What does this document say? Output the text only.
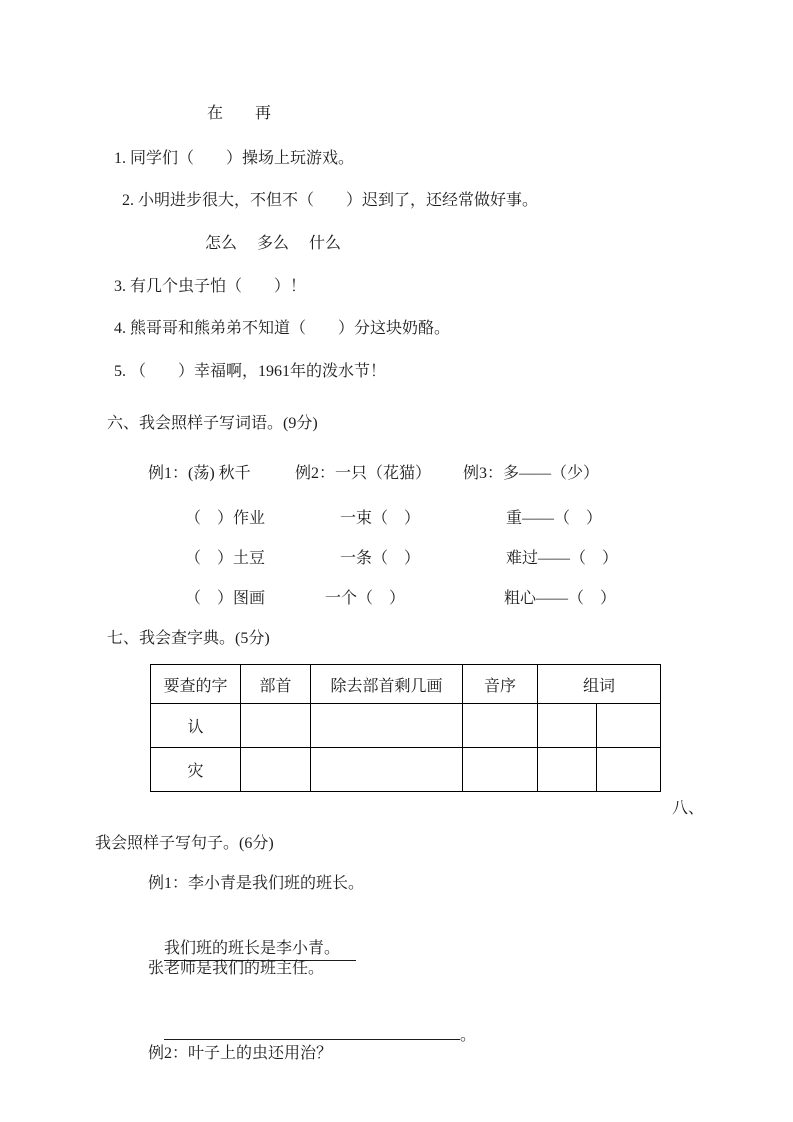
在　　再
1. 同学们（　　）操场上玩游戏。
2. 小明进步很大，不但不（　　）迟到了，还经常做好事。
怎么　 多么　 什么
3. 有几个虫子怕（　　）！
4. 熊哥哥和熊弟弟不知道（　　）分这块奶酪。
5. （　　）幸福啊，1961年的泼水节！
六、我会照样子写词语。(9分)
例1：(荡) 秋千	例2：一只（花猫） 例3：多——（少）
（　）作业	一束（　）	重——（　）
（　）土豆	一条（　）	难过——（　）
（　）图画	一个（　）	粗心——（　）
七、我会查字典。(5分)
要查的字	部首	除去部首剩几画	音序	组词
认				

灾				
八、
我会照样子写句子。(6分)
例1：李小青是我们班的班长。

我们班的班长是李小青。

张老师是我们的班主任。

。

例2：叶子上的虫还用治？
